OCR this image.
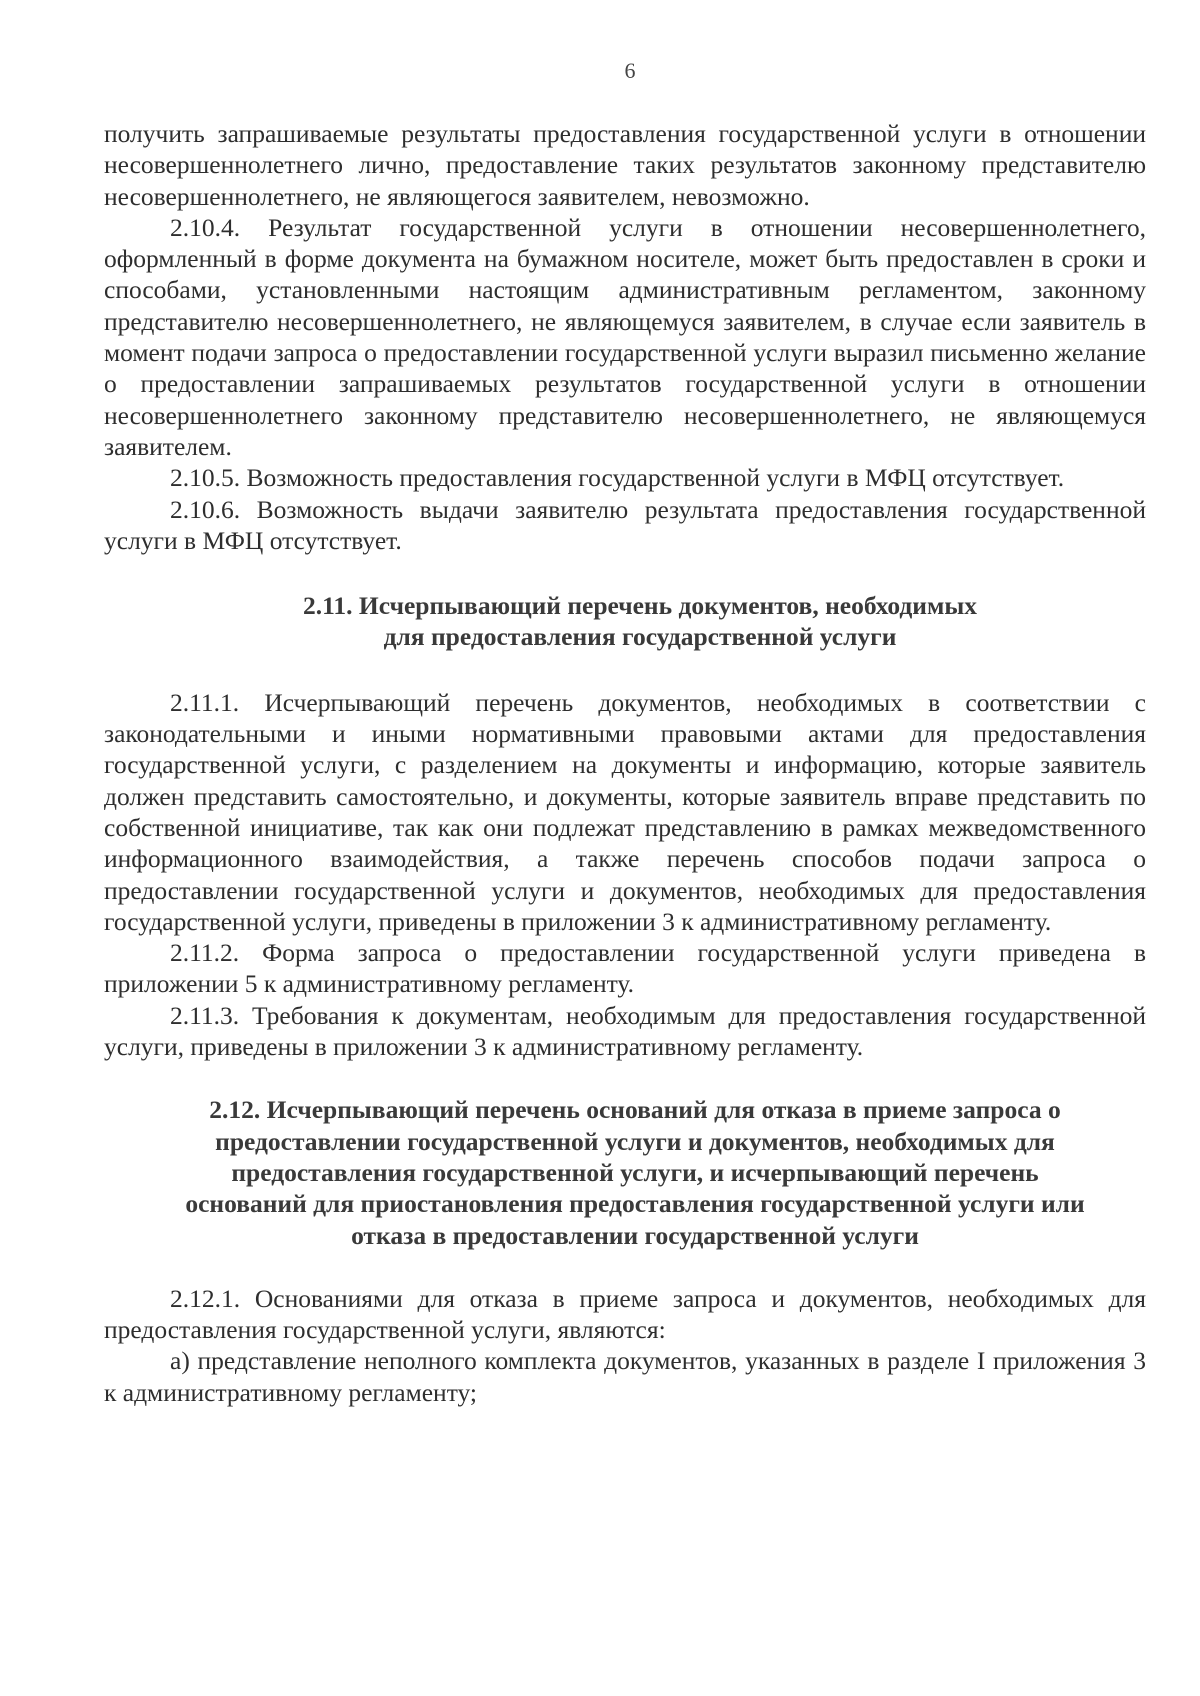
6

получить запрашиваемые результаты предоставления государственной услуги в отношении несовершеннолетнего лично, предоставление таких результатов законному представителю несовершеннолетнего, не являющегося заявителем, невозможно.

2.10.4. Результат государственной услуги в отношении несовершеннолетнего, оформленный в форме документа на бумажном носителе, может быть предоставлен в сроки и способами, установленными настоящим административным регламентом, законному представителю несовершеннолетнего, не являющемуся заявителем, в случае если заявитель в момент подачи запроса о предоставлении государственной услуги выразил письменно желание о предоставлении запрашиваемых результатов государственной услуги в отношении несовершеннолетнего законному представителю несовершеннолетнего, не являющемуся заявителем.

2.10.5. Возможность предоставления государственной услуги в МФЦ отсутствует.

2.10.6. Возможность выдачи заявителю результата предоставления государственной услуги в МФЦ отсутствует.

2.11. Исчерпывающий перечень документов, необходимых
для предоставления государственной услуги

2.11.1. Исчерпывающий перечень документов, необходимых в соответствии с законодательными и иными нормативными правовыми актами для предоставления государственной услуги, с разделением на документы и информацию, которые заявитель должен представить самостоятельно, и документы, которые заявитель вправе представить по собственной инициативе, так как они подлежат представлению в рамках межведомственного информационного взаимодействия, а также перечень способов подачи запроса о предоставлении государственной услуги и документов, необходимых для предоставления государственной услуги, приведены в приложении 3 к административному регламенту.

2.11.2. Форма запроса о предоставлении государственной услуги приведена в приложении 5 к административному регламенту.

2.11.3. Требования к документам, необходимым для предоставления государственной услуги, приведены в приложении 3 к административному регламенту.

2.12. Исчерпывающий перечень оснований для отказа в приеме запроса о
предоставлении государственной услуги и документов, необходимых для
предоставления государственной услуги, и исчерпывающий перечень
оснований для приостановления предоставления государственной услуги или
отказа в предоставлении государственной услуги

2.12.1. Основаниями для отказа в приеме запроса и документов, необходимых для предоставления государственной услуги, являются:

а) представление неполного комплекта документов, указанных в разделе I приложения 3 к административному регламенту;
